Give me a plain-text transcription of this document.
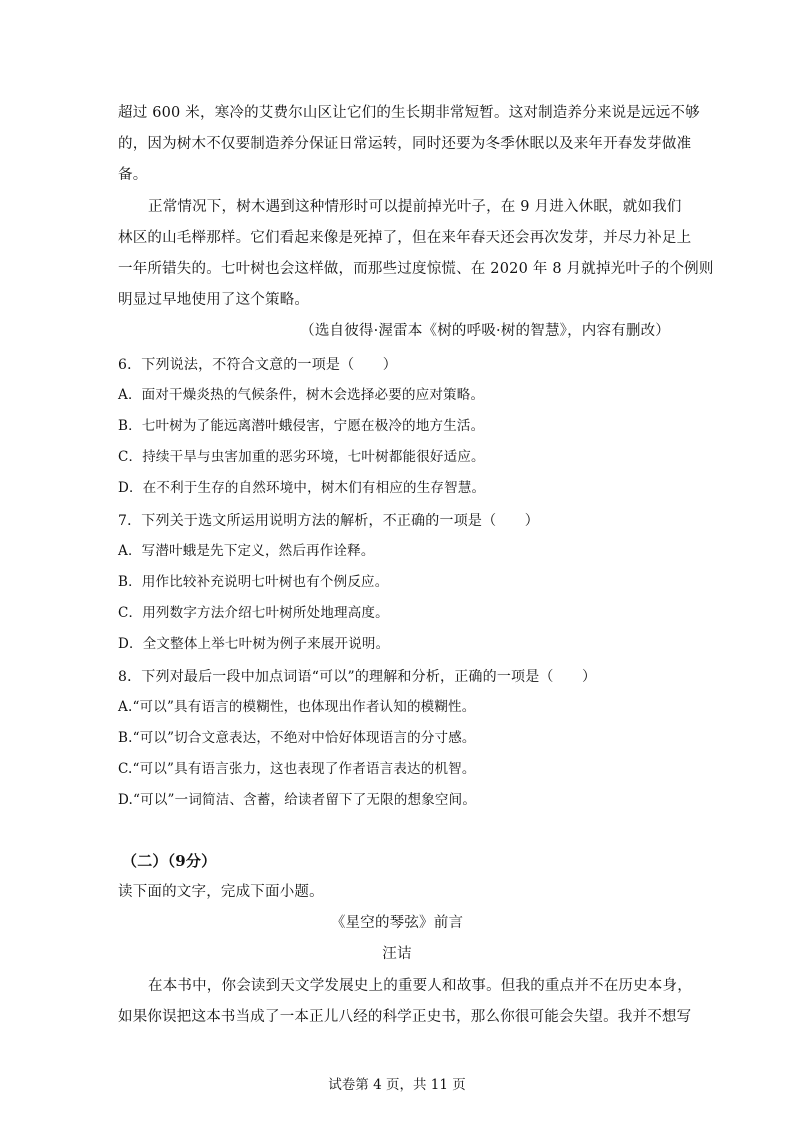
超过 600 米，寒冷的艾费尔山区让它们的生长期非常短暂。这对制造养分来说是远远不够
的，因为树木不仅要制造养分保证日常运转，同时还要为冬季休眠以及来年开春发芽做准
备。
正常情况下，树木遇到这种情形时可以提前掉光叶子，在 9 月进入休眠，就如我们
林区的山毛榉那样。它们看起来像是死掉了，但在来年春天还会再次发芽，并尽力补足上
一年所错失的。七叶树也会这样做，而那些过度惊慌、在 2020 年 8 月就掉光叶子的个例则
明显过早地使用了这个策略。
（选自彼得·渥雷本《树的呼吸·树的智慧》，内容有删改）
6．下列说法，不符合文意的一项是（　　）
A．面对干燥炎热的气候条件，树木会选择必要的应对策略。
B．七叶树为了能远离潜叶蛾侵害，宁愿在极冷的地方生活。
C．持续干旱与虫害加重的恶劣环境，七叶树都能很好适应。
D．在不利于生存的自然环境中，树木们有相应的生存智慧。
7．下列关于选文所运用说明方法的解析，不正确的一项是（　　）
A．写潜叶蛾是先下定义，然后再作诠释。
B．用作比较补充说明七叶树也有个例反应。
C．用列数字方法介绍七叶树所处地理高度。
D．全文整体上举七叶树为例子来展开说明。
8．下列对最后一段中加点词语“可以”的理解和分析，正确的一项是（　　）
A.“可以”具有语言的模糊性，也体现出作者认知的模糊性。
B.“可以”切合文意表达，不绝对中恰好体现语言的分寸感。
C.“可以”具有语言张力，这也表现了作者语言表达的机智。
D.“可以”一词简洁、含蓄，给读者留下了无限的想象空间。
（二）（9分）
读下面的文字，完成下面小题。
《星空的琴弦》前言
汪诘
在本书中，你会读到天文学发展史上的重要人和故事。但我的重点并不在历史本身，
如果你误把这本书当成了一本正儿八经的科学正史书，那么你很可能会失望。我并不想写
试卷第 4 页，共 11 页
